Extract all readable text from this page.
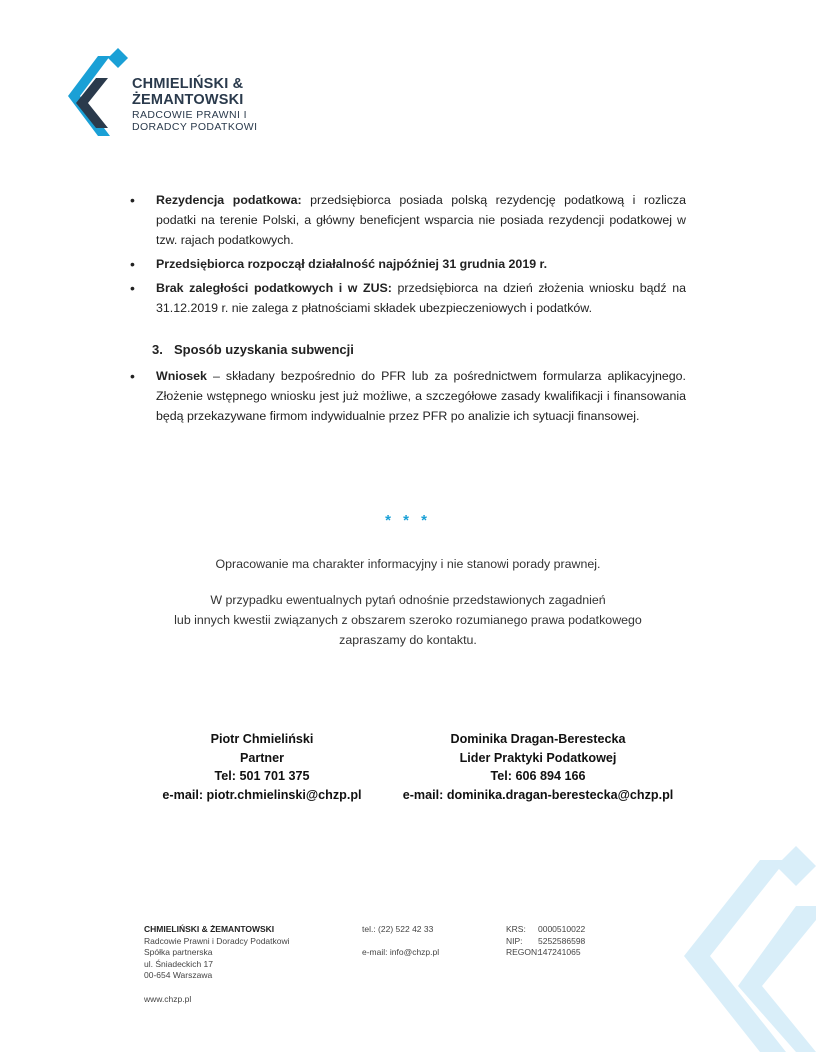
CHMIELIŃSKI &
ŻEMANTOWSKI
RADCOWIE PRAWNI I
DORADCY PODATKOWI
• Rezydencja podatkowa: przedsiębiorca posiada polską rezydencję podatkową i rozlicza podatki na terenie Polski, a główny beneficjent wsparcia nie posiada rezydencji podatkowej w tzw. rajach podatkowych.
• Przedsiębiorca rozpoczął działalność najpóźniej 31 grudnia 2019 r.
• Brak zaległości podatkowych i w ZUS: przedsiębiorca na dzień złożenia wniosku bądź na 31.12.2019 r. nie zalega z płatnościami składek ubezpieczeniowych i podatków.
3. Sposób uzyskania subwencji
• Wniosek – składany bezpośrednio do PFR lub za pośrednictwem formularza aplikacyjnego. Złożenie wstępnego wniosku jest już możliwe, a szczegółowe zasady kwalifikacji i finansowania będą przekazywane firmom indywidualnie przez PFR po analizie ich sytuacji finansowej.
* * *
Opracowanie ma charakter informacyjny i nie stanowi porady prawnej.
W przypadku ewentualnych pytań odnośnie przedstawionych zagadnień
lub innych kwestii związanych z obszarem szeroko rozumianego prawa podatkowego
zapraszamy do kontaktu.
Piotr Chmieliński
Partner
Tel: 501 701 375
e-mail: piotr.chmielinski@chzp.pl
Dominika Dragan-Berestecka
Lider Praktyki Podatkowej
Tel: 606 894 166
e-mail: dominika.dragan-berestecka@chzp.pl
CHMIELIŃSKI & ŻEMANTOWSKI
Radcowie Prawni i Doradcy Podatkowi
Spółka partnerska
ul. Śniadeckich 17
00-654 Warszawa
www.chzp.pl
tel.: (22) 522 42 33
e-mail: info@chzp.pl
KRS:	0000510022
NIP:	5252586598
REGON:
147241065
